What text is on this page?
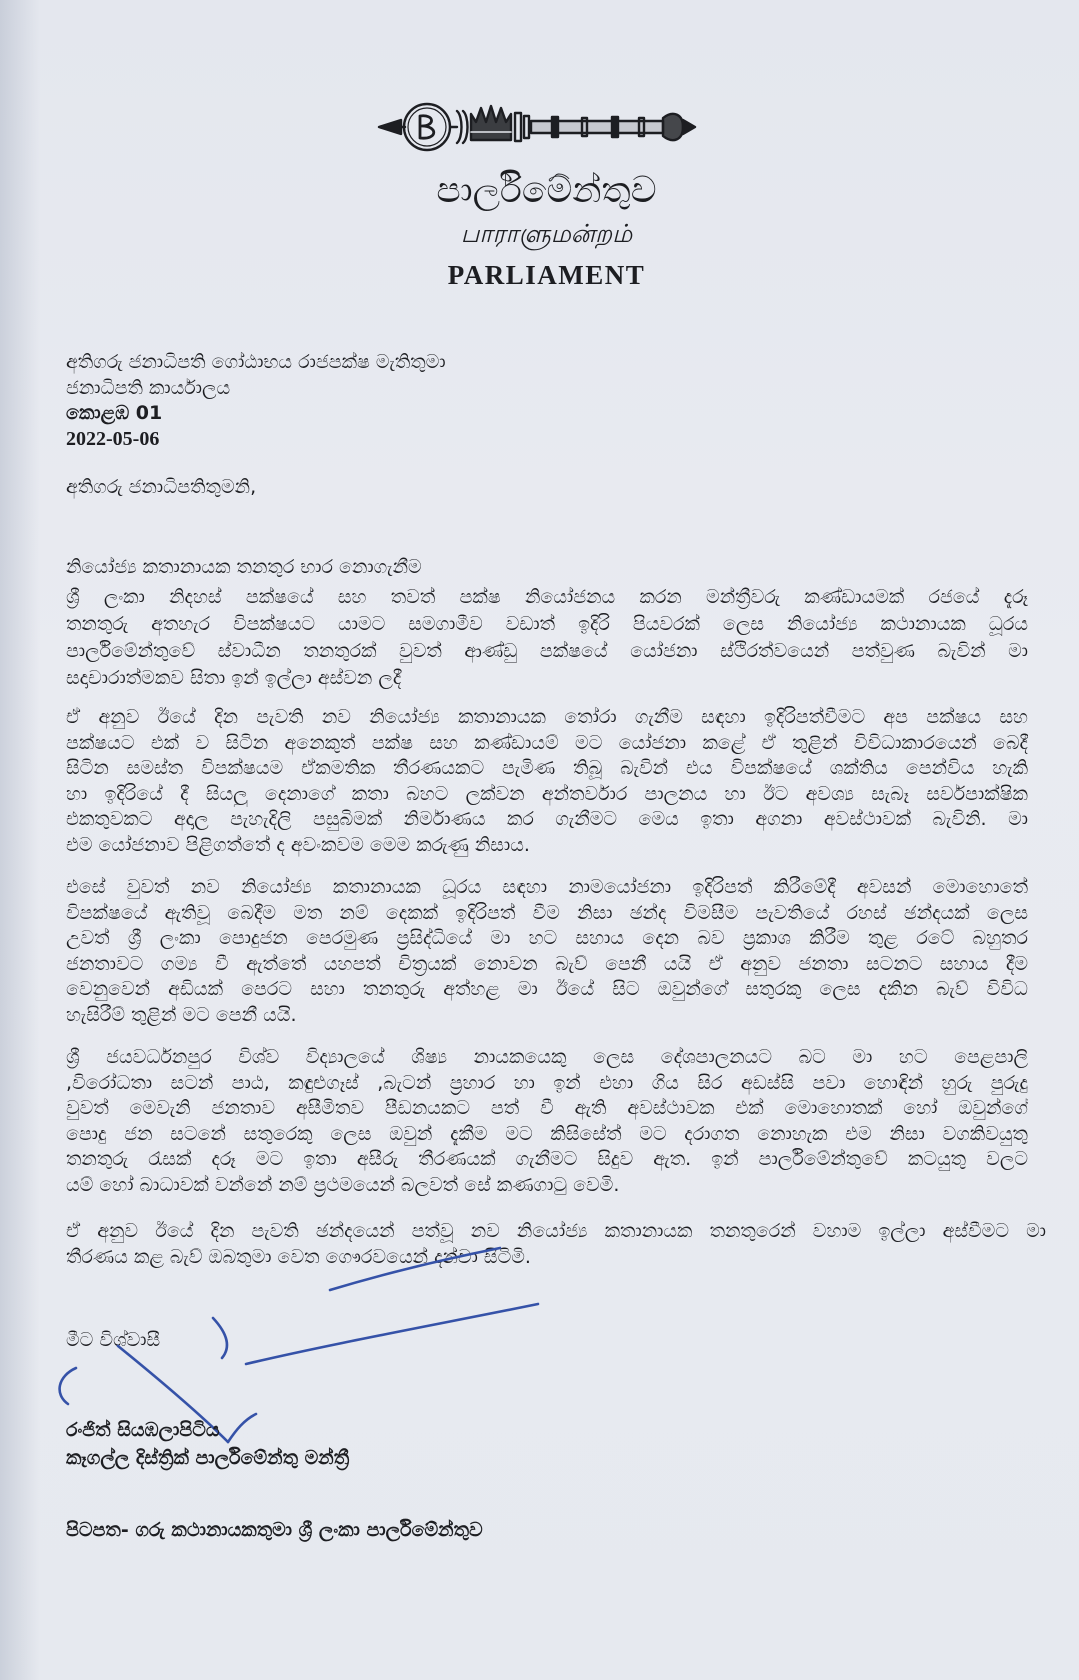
පාර්ලිමේන්තුව
பாராளுமன்றம்
PARLIAMENT
අතිගරු ජනාධිපති ගෝඨාභය රාජපක්ෂ මැතිතුමා
ජනාධිපති කාර්යාලය
කොළඹ 01
2022-05-06
අතිගරු ජනාධිපතිතුමනි,
නියෝජ්‍ය කතානායක තනතුර භාර නොගැනීම
ශ්‍රී ලංකා නිදහස් පක්ෂයේ සහ තවත් පක්ෂ නියෝජනය කරන මන්ත්‍රීවරු කණ්ඩායමක් රජයේ දැරූ
තනතුරු අතහැර විපක්ෂයට යාමට සමගාමීව වඩාත් ඉදිරි පියවරක් ලෙස නියෝජ්‍ය කථානායක ධූරය
පාර්ලිමේන්තුවේ ස්වාධීන තනතුරක් වුවත් ආණ්ඩු පක්ෂයේ යෝජනා ස්ථිරත්වයෙන් පත්වුණ බැවින් මා
සදාචාරාත්මකව සිතා ඉන් ඉල්ලා අස්වන ලදී
ඒ අනුව ඊයේ දින පැවති නව නියෝජ්‍ය කතානායක තෝරා ගැනීම සඳහා ඉදිරිපත්වීමට අප පක්ෂය සහ
පක්ෂයට එක් ව සිටින අනෙකුත් පක්ෂ සහ කණ්ඩායම් මට යෝජනා කළේ ඒ තුළින් විවිධාකාරයෙන් බෙදී
සිටින සමස්ත විපක්ෂයම ඒකමතික තීරණයකට පැමිණ තිබූ බැවින් එය විපක්ෂයේ ශක්තිය පෙන්විය හැකි
හා ඉදිරියේ දී සියලු දෙනාගේ කතා බහට ලක්වන අන්තර්වාර පාලනය හා ඊට අවශ්‍ය සැබෑ සර්වපාක්ෂික
එකතුවකට අදාල පැහැදිලි පසුබිමක් නිර්මාණය කර ගැනීමට මෙය ඉතා අගනා අවස්ථාවක් බැවිනි. මා
එම යෝජනාව පිළිගත්තේ ද අවංකවම මෙම කරුණු නිසාය.
එසේ වුවත් නව නියෝජ්‍ය කතානායක ධූරය සඳහා නාමයෝජනා ඉදිරිපත් කිරීමේදී අවසන් මොහොතේ
විපක්ෂයේ ඇතිවූ බෙදීම මත නම් දෙකක් ඉදිරිපත් වීම නිසා ඡන්ද විමසීම පැවතියේ රහස් ඡන්දයක් ලෙස
උවත් ශ්‍රී ලංකා පොදුජන පෙරමුණ ප්‍රසිද්ධියේ මා හට සහාය දෙන බව ප්‍රකාශ කිරීම තුළ රටේ බහුතර
ජනතාවට ගම්‍ය වී ඇත්තේ යහපත් චිත්‍රයක් නොවන බැව් පෙනී යයි ඒ අනුව ජනතා සටනට සහාය දීම
වෙනුවෙන් අඩියක් පෙරට සහා තනතුරු අත්හළ මා ඊයේ සිට ඔවුන්ගේ සතුරකු ලෙස දකින බැව් විවිධ
හැසිරීම් තුළින් මට පෙනී යයි.
ශ්‍රී ජයවර්ධනපුර විශ්ව විද්‍යාලයේ ශිෂ්‍ය නායකයෙකු ලෙස දේශපාලනයට බට මා හට පෙළපාලි
,විරෝධතා සටන් පාඨ, කඳුළුගෑස් ,බැටන් ප්‍රහාර හා ඉන් එහා ගිය සිර අඩස්සි පවා හොඳින් හුරු පුරුදු
වුවත් මෙවැනි ජනතාව අසීමිතව පීඩනයකට පත් වී ඇති අවස්ථාවක එක් මොහොතක් හෝ ඔවුන්ගේ
පොදු ජන සටනේ සතුරෙකු ලෙස ඔවුන් දැකීම මට කිසිසේත් මට දරාගත නොහැක එම නිසා වගකිවයුතු
තනතුරු රැසක් දරූ මට ඉතා අසීරු තීරණයක් ගැනීමට සිදුව ඇත. ඉන් පාර්ලිමේන්තුවේ කටයුතු වලට
යම් හෝ බාධාවක් වන්නේ නම් ප්‍රථමයෙන් බලවත් සේ කණගාටු වෙමි.
ඒ අනුව ඊයේ දින පැවති ඡන්දයෙන් පත්වූ නව නියෝජ්‍ය කතානායක තනතුරෙන් වහාම ඉල්ලා අස්වීමට මා
තීරණය කළ බැව් ඔබතුමා වෙත ගෞරවයෙන් දන්වා සිටිමි.
මීට විශ්වාසී
රංජිත් සියඹලාපිටිය
කෑගල්ල දිස්ත්‍රික් පාර්ලිමේන්තු මන්ත්‍රී
පිටපත- ගරු කථානායකතුමා ශ්‍රී ලංකා පාර්ලිමේන්තුව
